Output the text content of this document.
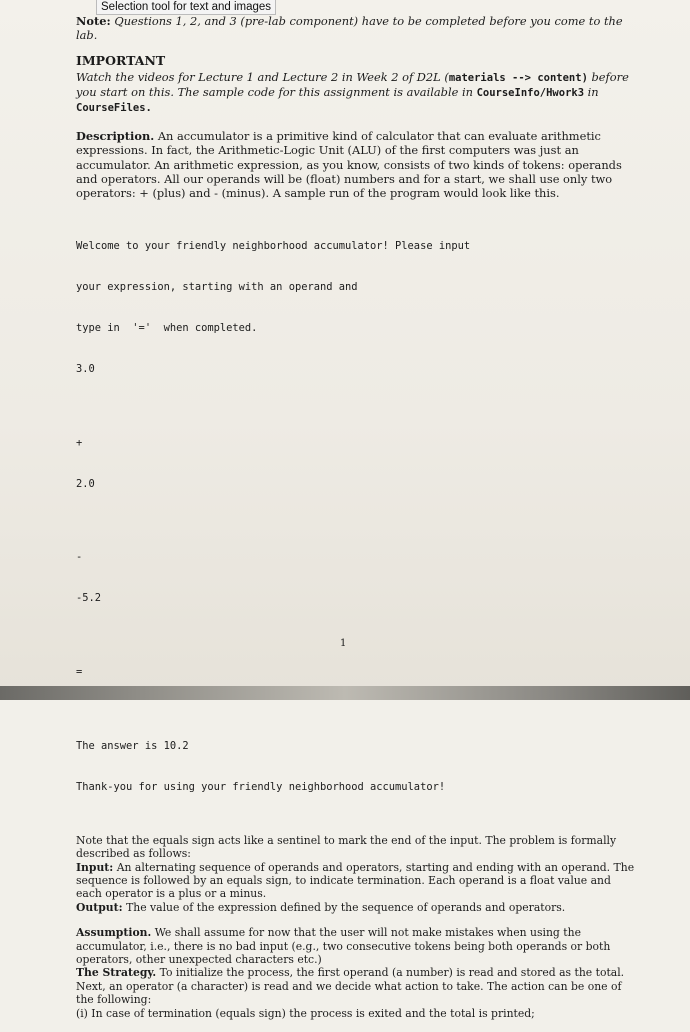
Selection tool for text and images
Note: Questions 1, 2, and 3 (pre-lab component) have to be completed before you come to the lab.
IMPORTANT
Watch the videos for Lecture 1 and Lecture 2 in Week 2 of D2L (materials --> content) before you start on this. The sample code for this assignment is available in CourseInfo/Hwork3 in CourseFiles.

Description. An accumulator is a primitive kind of calculator that can evaluate arithmetic expressions. In fact, the Arithmetic-Logic Unit (ALU) of the first computers was just an accumulator. An arithmetic expression, as you know, consists of two kinds of tokens: operands and operators. All our operands will be (float) numbers and for a start, we shall use only two operators: + (plus) and - (minus). A sample run of the program would look like this.

Welcome to your friendly neighborhood accumulator! Please input

your expression, starting with an operand and

type in  '='  when completed.

3.0

+

2.0

-

-5.2

=

The answer is 10.2

Thank-you for using your friendly neighborhood accumulator!

Note that the equals sign acts like a sentinel to mark the end of the input. The problem is formally described as follows:

Input: An alternating sequence of operands and operators, starting and ending with an operand. The sequence is followed by an equals sign, to indicate termination. Each operand is a float value and each operator is a plus or a minus.

Output: The value of the expression defined by the sequence of operands and operators.

Assumption. We shall assume for now that the user will not make mistakes when using the accumulator, i.e., there is no bad input (e.g., two consecutive tokens being both operands or both operators, other unexpected characters etc.)

The Strategy. To initialize the process, the first operand (a number) is read and stored as the total. Next, an operator (a character) is read and we decide what action to take. The action can be one of the following:

(i) In case of termination (equals sign) the process is exited and the total is printed;

1
